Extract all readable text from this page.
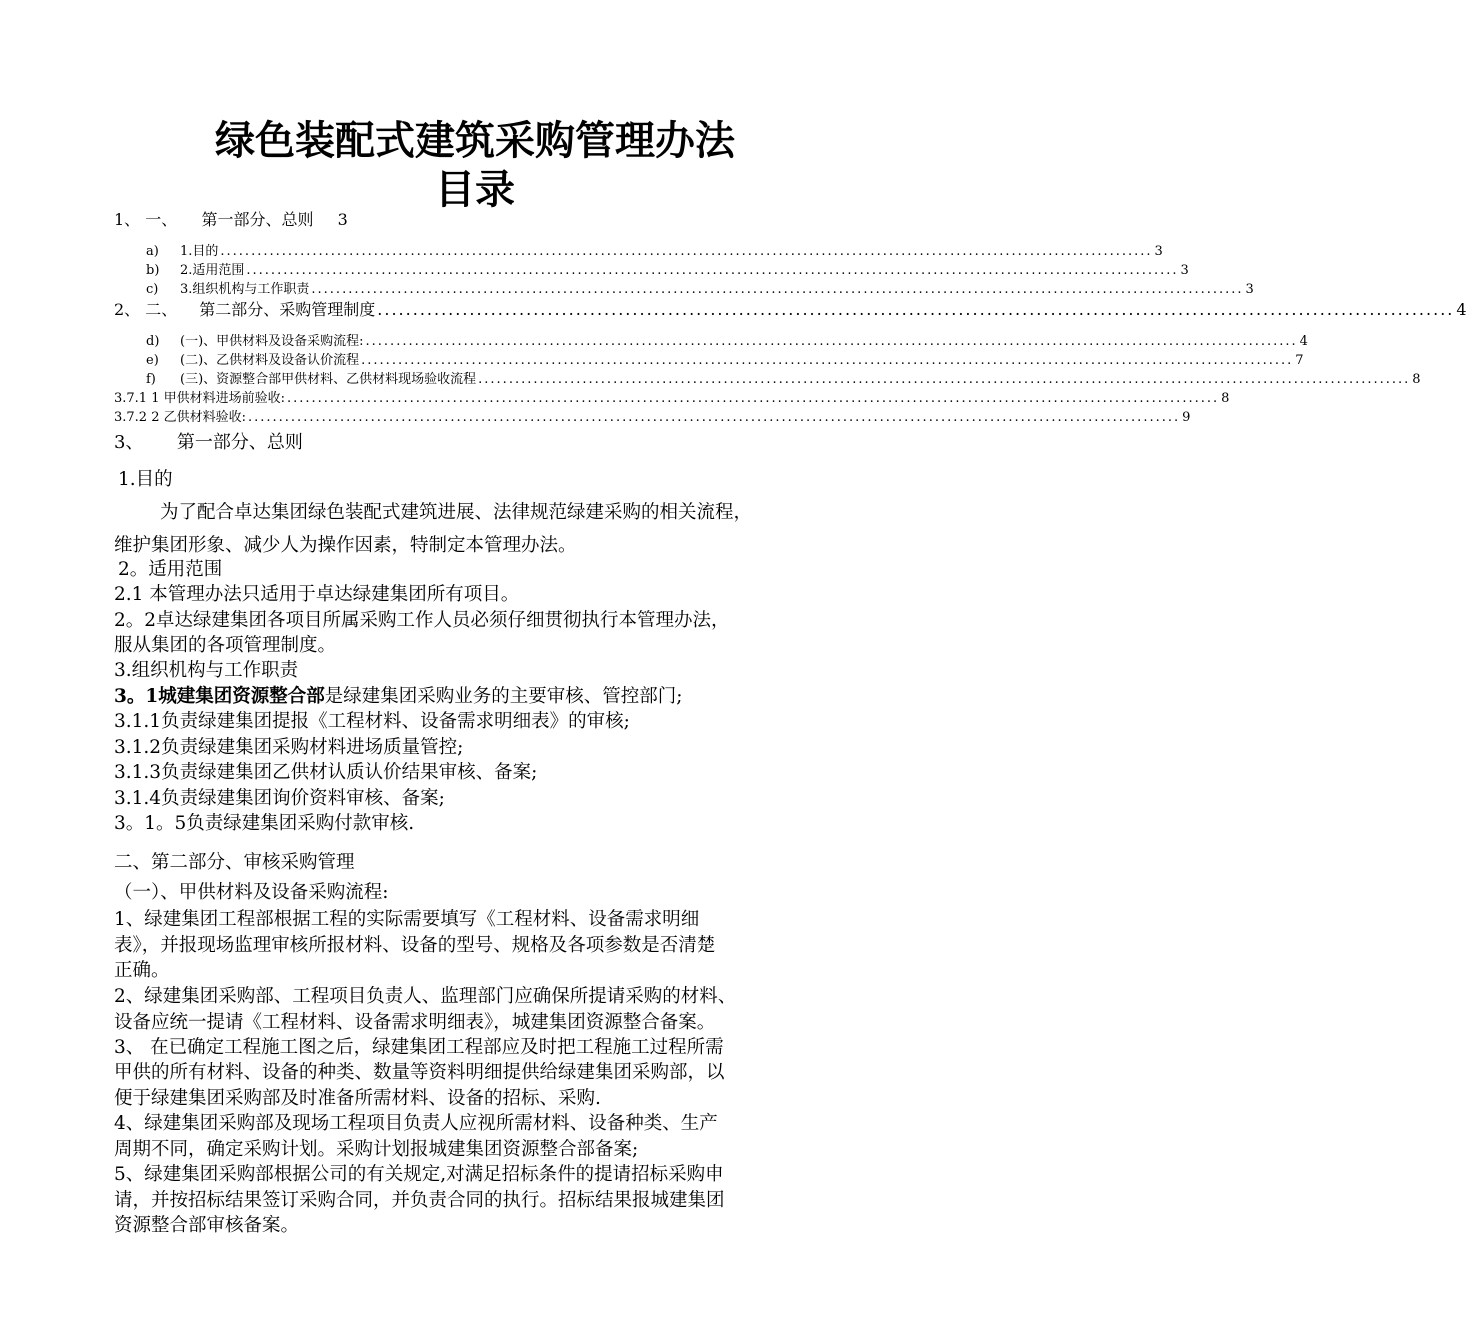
绿色装配式建筑采购管理办法
目录
1、 一、 第一部分、总则 3
a) 1.目的 ........................................................................................................................................................ 3
b) 2.适用范围 ........................................................................................................................................................ 3
c) 3.组织机构与工作职责 ........................................................................................................................................................ 3
2、 二、 第二部分、采购管理制度 ........................................................................................................................................................ 4
d) (一)、甲供材料及设备采购流程: ........................................................................................................................................................ 4
e) (二)、乙供材料及设备认价流程 ........................................................................................................................................................ 7
f) (三)、资源整合部甲供材料、乙供材料现场验收流程 ........................................................................................................................................................ 8
3.7.1 1 甲供材料进场前验收: ........................................................................................................................................................ 8
3.7.2 2 乙供材料验收: ........................................................................................................................................................ 9
3、 第一部分、总则
1.目的
为了配合卓达集团绿色装配式建筑进展、法律规范绿建采购的相关流程，
维护集团形象、减少人为操作因素，特制定本管理办法。
2。适用范围
2.1 本管理办法只适用于卓达绿建集团所有项目。
2。2卓达绿建集团各项目所属采购工作人员必须仔细贯彻执行本管理办法，
服从集团的各项管理制度。
3.组织机构与工作职责
3。1城建集团资源整合部是绿建集团采购业务的主要审核、管控部门;
3.1.1负责绿建集团提报《工程材料、设备需求明细表》的审核;
3.1.2负责绿建集团采购材料进场质量管控;
3.1.3负责绿建集团乙供材认质认价结果审核、备案;
3.1.4负责绿建集团询价资料审核、备案;
3。1。5负责绿建集团采购付款审核.
二、第二部分、审核采购管理
（一）、甲供材料及设备采购流程:
1、绿建集团工程部根据工程的实际需要填写《工程材料、设备需求明细
表》，并报现场监理审核所报材料、设备的型号、规格及各项参数是否清楚
正确。
2、绿建集团采购部、工程项目负责人、监理部门应确保所提请采购的材料、
设备应统一提请《工程材料、设备需求明细表》，城建集团资源整合备案。
3、 在已确定工程施工图之后，绿建集团工程部应及时把工程施工过程所需
甲供的所有材料、设备的种类、数量等资料明细提供给绿建集团采购部，以
便于绿建集团采购部及时准备所需材料、设备的招标、采购.
4、绿建集团采购部及现场工程项目负责人应视所需材料、设备种类、生产
周期不同，确定采购计划。采购计划报城建集团资源整合部备案;
5、绿建集团采购部根据公司的有关规定,对满足招标条件的提请招标采购申
请，并按招标结果签订采购合同，并负责合同的执行。招标结果报城建集团
资源整合部审核备案。
